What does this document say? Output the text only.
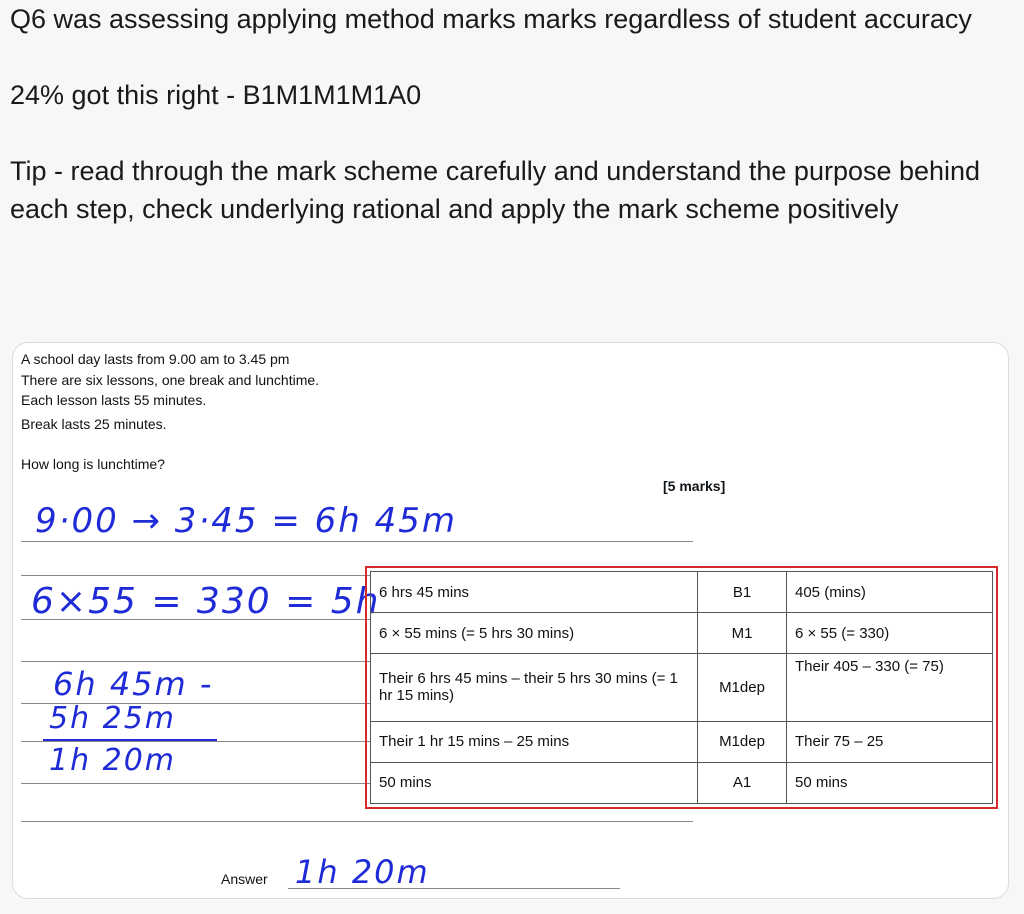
Q6 was assessing applying method marks marks regardless of student accuracy

24% got this right - B1M1M1M1A0

Tip - read through the mark scheme carefully and understand the purpose behind each step, check underlying rational and apply the mark scheme positively

A school day lasts from 9.00 am to 3.45 pm
There are six lessons, one break and lunchtime.
Each lesson lasts 55 minutes.
Break lasts 25 minutes.
How long is lunchtime?
[5 marks]
9·00 → 3·45 = 6h 45m
6×55 = 330 = 5h
6h 45m -
5h 25m
1h 20m
6 hrs 45 mins	B1	405 (mins)
6 × 55 mins (= 5 hrs 30 mins)	M1	6 × 55 (= 330)
Their 6 hrs 45 mins – their 5 hrs 30 mins (= 1 hr 15 mins)	M1dep	Their 405 – 330 (= 75)
Their 1 hr 15 mins – 25 mins	M1dep	Their 75 – 25
50 mins	A1	50 mins
Answer 1h 20m
